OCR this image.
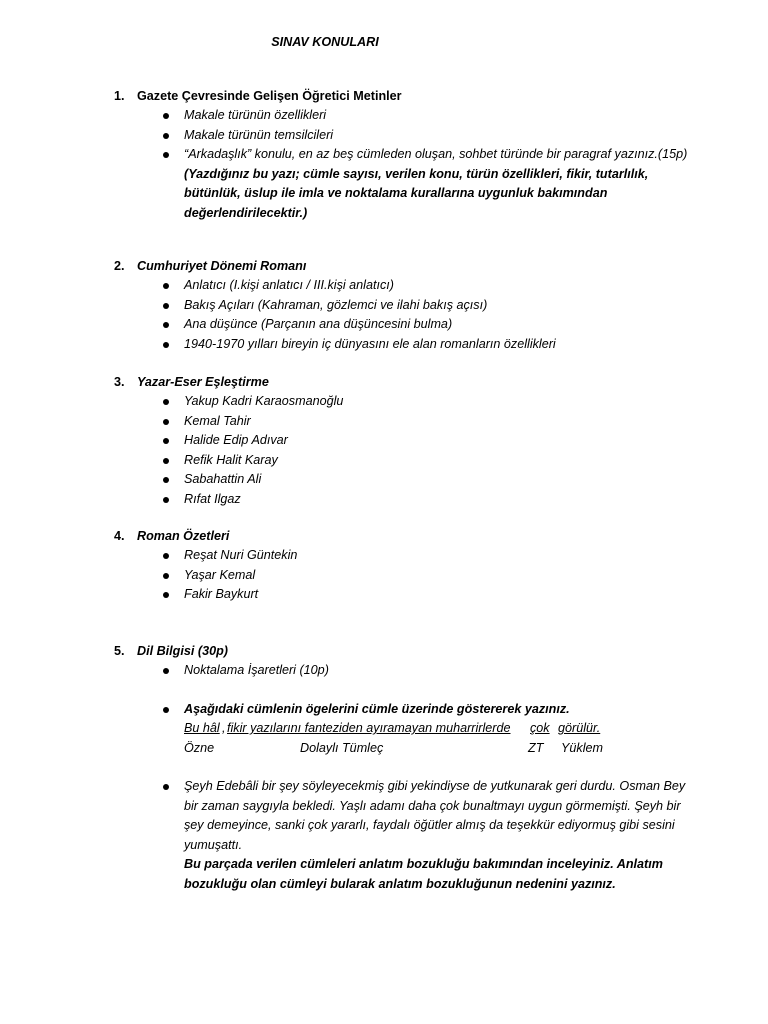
SINAV KONULARI
1. Gazete Çevresinde Gelişen Öğretici Metinler
Makale türünün özellikleri
Makale türünün temsilcileri
“Arkadaşlık” konulu, en az beş cümleden oluşan, sohbet türünde bir paragraf yazınız.(15p)
(Yazdığınız bu yazı; cümle sayısı, verilen konu, türün özellikleri, fikir, tutarlılık, bütünlük, üslup ile imla ve noktalama kurallarına uygunluk bakımından değerlendirilecektir.)
2. Cumhuriyet Dönemi Romanı
Anlatıcı (I.kişi anlatıcı / III.kişi anlatıcı)
Bakış Açıları (Kahraman, gözlemci ve ilahi bakış açısı)
Ana düşünce (Parçanın ana düşüncesini bulma)
1940-1970 yılları bireyin iç dünyasını ele alan romanların özellikleri
3. Yazar-Eser Eşleştirme
Yakup Kadri Karaosmanoğlu
Kemal Tahir
Halide Edip Adıvar
Refik Halit Karay
Sabahattin Ali
Rıfat Ilgaz
4. Roman Özetleri
Reşat Nuri Güntekin
Yaşar Kemal
Fakir Baykurt
5. Dil Bilgisi (30p)
Noktalama İşaretleri (10p)
Aşağıdaki cümlenin ögelerini cümle üzerinde göstererek yazınız.
Bu hâl , fikir yazılarını fanteziden ayıramayan muharrirlerde çok görülür.
Özne	Dolaylı Tümleç	ZT Yüklem
Şeyh Edebâli bir şey söyleyecekmiş gibi yekindiyse de yutkunarak geri durdu. Osman Bey bir zaman saygıyla bekledi. Yaşlı adamı daha çok bunaltmayı uygun görmemişti. Şeyh bir şey demeyince, sanki çok yararlı, faydalı öğütler almış da teşekkür ediyormuş gibi sesini yumuşattı.
Bu parçada verilen cümleleri anlatım bozukluğu bakımından inceleyiniz. Anlatım bozukluğu olan cümleyi bularak anlatım bozukluğunun nedenini yazınız.
